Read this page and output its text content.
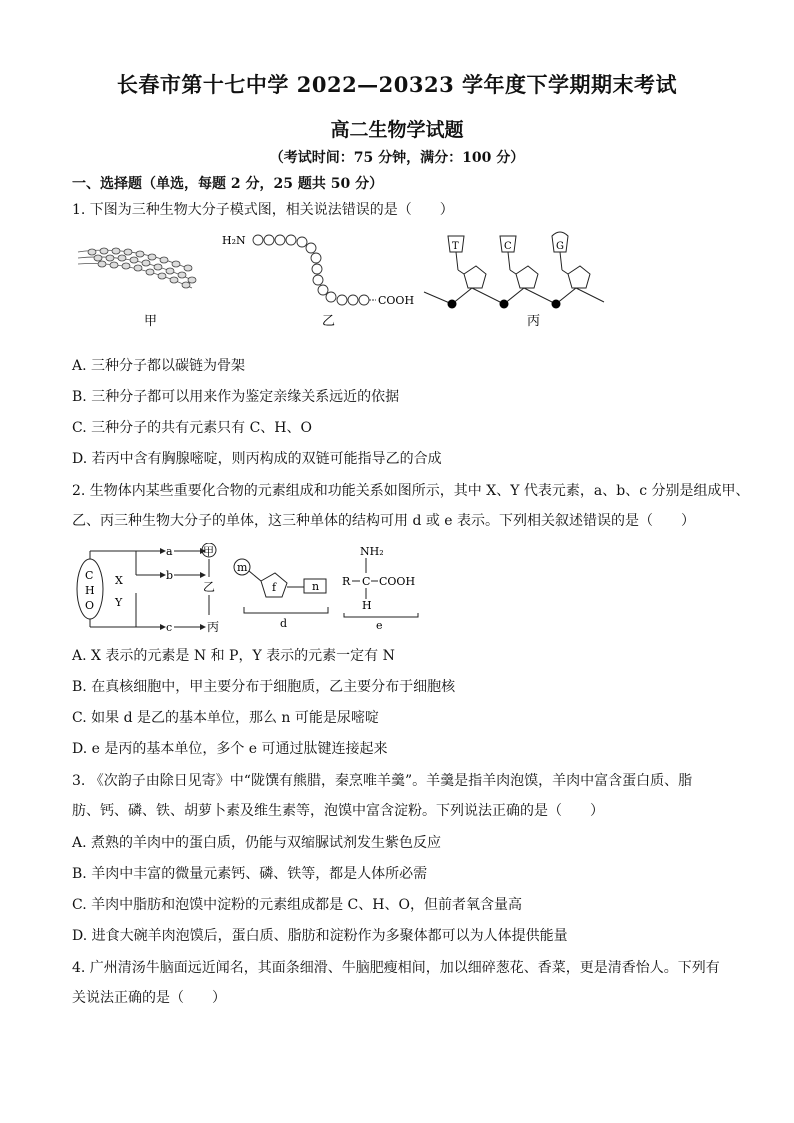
长春市第十七中学 2022—20323 学年度下学期期末考试
高二生物学试题
（考试时间：75 分钟，满分：100 分）
一、选择题（单选，每题 2 分，25 题共 50 分）
1. 下图为三种生物大分子模式图，相关说法错误的是（　　）
甲
H₂N
COOH
乙
T	C	G
丙
A. 三种分子都以碳链为骨架
B. 三种分子都可以用来作为鉴定亲缘关系远近的依据
C. 三种分子的共有元素只有 C、H、O
D. 若丙中含有胸腺嘧啶，则丙构成的双链可能指导乙的合成
2. 生物体内某些重要化合物的元素组成和功能关系如图所示，其中 X、Y 代表元素，a、b、c 分别是组成甲、
乙、丙三种生物大分子的单体，这三种单体的结构可用 d 或 e 表示。下列相关叙述错误的是（　　）
C
H
O
X
Y
a
b
c
甲
乙
丙
m
f	n
d
NH₂
R C COOH
H
e
A. X 表示的元素是 N 和 P，Y 表示的元素一定有 N
B. 在真核细胞中，甲主要分布于细胞质，乙主要分布于细胞核
C. 如果 d 是乙的基本单位，那么 n 可能是尿嘧啶
D. e 是丙的基本单位，多个 e 可通过肽键连接起来
3. 《次韵子由除日见寄》中“陇馔有熊腊，秦烹唯羊羹”。羊羹是指羊肉泡馍，羊肉中富含蛋白质、脂
肪、钙、磷、铁、胡萝卜素及维生素等，泡馍中富含淀粉。下列说法正确的是（　　）
A. 煮熟的羊肉中的蛋白质，仍能与双缩脲试剂发生紫色反应
B. 羊肉中丰富的微量元素钙、磷、铁等，都是人体所必需
C. 羊肉中脂肪和泡馍中淀粉的元素组成都是 C、H、O，但前者氧含量高
D. 进食大碗羊肉泡馍后，蛋白质、脂肪和淀粉作为多聚体都可以为人体提供能量
4. 广州清汤牛脑面远近闻名，其面条细滑、牛脑肥瘦相间，加以细碎葱花、香菜，更是清香怡人。下列有
关说法正确的是（　　）
